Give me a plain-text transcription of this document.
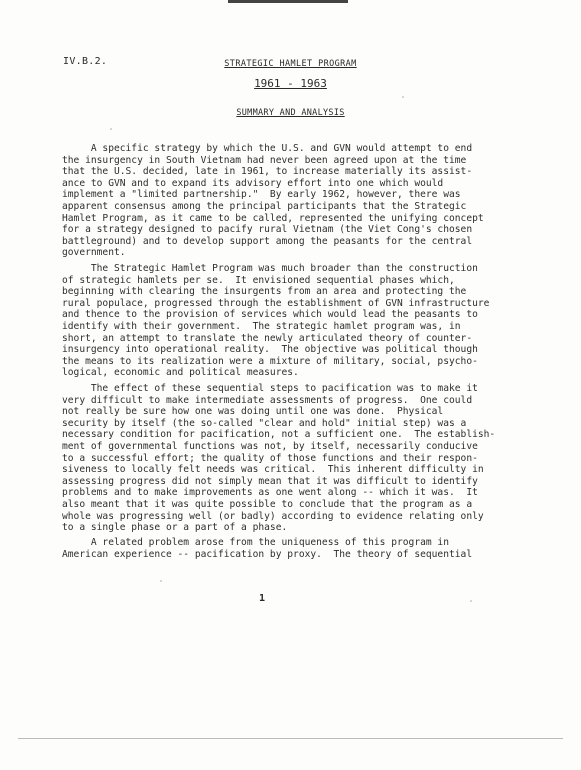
IV.B.2.	STRATEGIC HAMLET PROGRAM
1961 - 1963
SUMMARY AND ANALYSIS
A specific strategy by which the U.S. and GVN would attempt to end
the insurgency in South Vietnam had never been agreed upon at the time
that the U.S. decided, late in 1961, to increase materially its assist-
ance to GVN and to expand its advisory effort into one which would
implement a "limited partnership."  By early 1962, however, there was
apparent consensus among the principal participants that the Strategic
Hamlet Program, as it came to be called, represented the unifying concept
for a strategy designed to pacify rural Vietnam (the Viet Cong's chosen
battleground) and to develop support among the peasants for the central
government.
The Strategic Hamlet Program was much broader than the construction
of strategic hamlets per se.  It envisioned sequential phases which,
beginning with clearing the insurgents from an area and protecting the
rural populace, progressed through the establishment of GVN infrastructure
and thence to the provision of services which would lead the peasants to
identify with their government.  The strategic hamlet program was, in
short, an attempt to translate the newly articulated theory of counter-
insurgency into operational reality.  The objective was political though
the means to its realization were a mixture of military, social, psycho-
logical, economic and political measures.
The effect of these sequential steps to pacification was to make it
very difficult to make intermediate assessments of progress.  One could
not really be sure how one was doing until one was done.  Physical
security by itself (the so-called "clear and hold" initial step) was a
necessary condition for pacification, not a sufficient one.  The establish-
ment of governmental functions was not, by itself, necessarily conducive
to a successful effort; the quality of those functions and their respon-
siveness to locally felt needs was critical.  This inherent difficulty in
assessing progress did not simply mean that it was difficult to identify
problems and to make improvements as one went along -- which it was.  It
also meant that it was quite possible to conclude that the program as a
whole was progressing well (or badly) according to evidence relating only
to a single phase or a part of a phase.
A related problem arose from the uniqueness of this program in
American experience -- pacification by proxy.  The theory of sequential
1
